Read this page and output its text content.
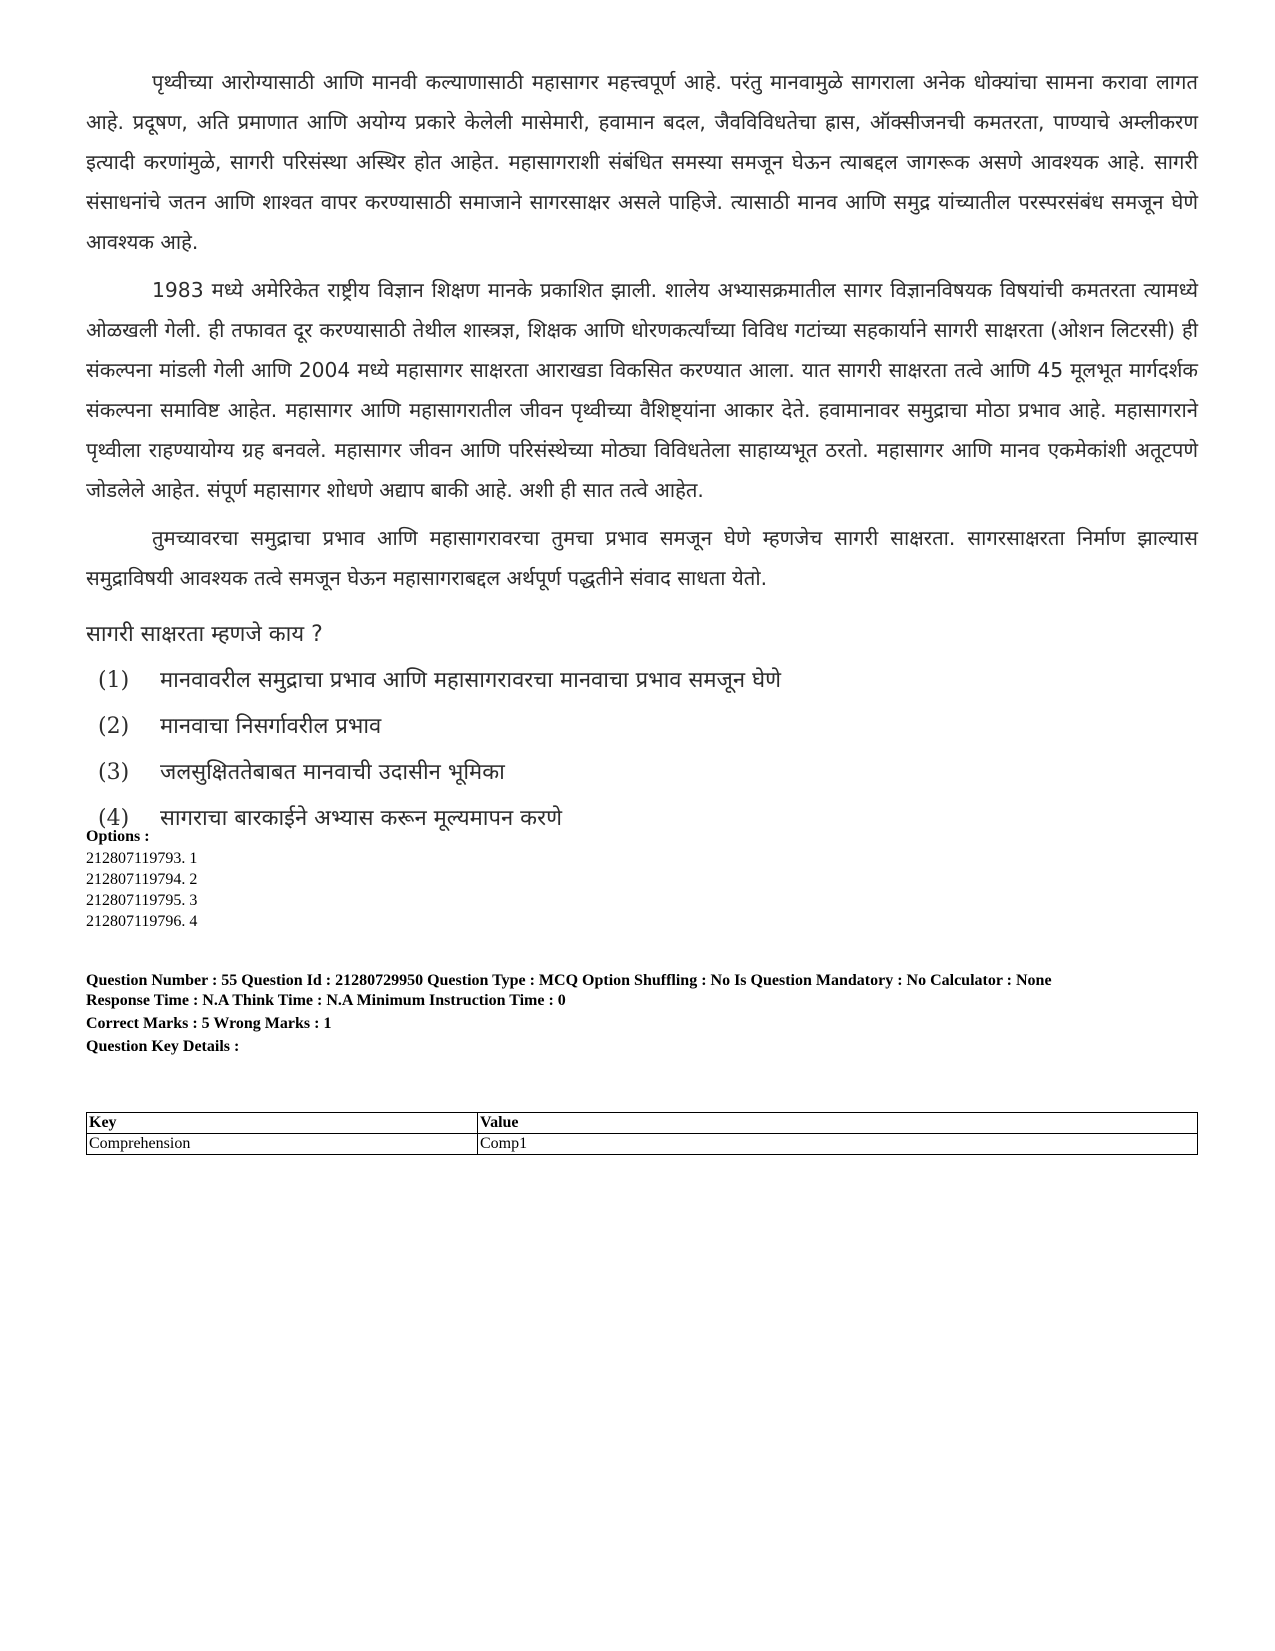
पृथ्वीच्या आरोग्यासाठी आणि मानवी कल्याणासाठी महासागर महत्त्वपूर्ण आहे. परंतु मानवामुळे सागराला अनेक धोक्यांचा सामना करावा लागत आहे. प्रदूषण, अति प्रमाणात आणि अयोग्य प्रकारे केलेली मासेमारी, हवामान बदल, जैवविविधतेचा ह्रास, ऑक्सीजनची कमतरता, पाण्याचे अम्लीकरण इत्यादी करणांमुळे, सागरी परिसंस्था अस्थिर होत आहेत. महासागराशी संबंधित समस्या समजून घेऊन त्याबद्दल जागरूक असणे आवश्यक आहे. सागरी संसाधनांचे जतन आणि शाश्वत वापर करण्यासाठी समाजाने सागरसाक्षर असले पाहिजे. त्यासाठी मानव आणि समुद्र यांच्यातील परस्परसंबंध समजून घेणे आवश्यक आहे.

1983 मध्ये अमेरिकेत राष्ट्रीय विज्ञान शिक्षण मानके प्रकाशित झाली. शालेय अभ्यासक्रमातील सागर विज्ञानविषयक विषयांची कमतरता त्यामध्ये ओळखली गेली. ही तफावत दूर करण्यासाठी तेथील शास्त्रज्ञ, शिक्षक आणि धोरणकर्त्यांच्या विविध गटांच्या सहकार्याने सागरी साक्षरता (ओशन लिटरसी) ही संकल्पना मांडली गेली आणि 2004 मध्ये महासागर साक्षरता आराखडा विकसित करण्यात आला. यात सागरी साक्षरता तत्वे आणि 45 मूलभूत मार्गदर्शक संकल्पना समाविष्ट आहेत. महासागर आणि महासागरातील जीवन पृथ्वीच्या वैशिष्ट्यांना आकार देते. हवामानावर समुद्राचा मोठा प्रभाव आहे. महासागराने पृथ्वीला राहण्यायोग्य ग्रह बनवले. महासागर जीवन आणि परिसंस्थेच्या मोठ्या विविधतेला साहाय्यभूत ठरतो. महासागर आणि मानव एकमेकांशी अतूटपणे जोडलेले आहेत. संपूर्ण महासागर शोधणे अद्याप बाकी आहे. अशी ही सात तत्वे आहेत.

तुमच्यावरचा समुद्राचा प्रभाव आणि महासागरावरचा तुमचा प्रभाव समजून घेणे म्हणजेच सागरी साक्षरता. सागरसाक्षरता निर्माण झाल्यास समुद्राविषयी आवश्यक तत्वे समजून घेऊन महासागराबद्दल अर्थपूर्ण पद्धतीने संवाद साधता येतो.

सागरी साक्षरता म्हणजे काय ?
(1)	मानवावरील समुद्राचा प्रभाव आणि महासागरावरचा मानवाचा प्रभाव समजून घेणे
(2)	मानवाचा निसर्गावरील प्रभाव
(3)	जलसुक्षिततेबाबत मानवाची उदासीन भूमिका
(4)	सागराचा बारकाईने अभ्यास करून मूल्यमापन करणे
Options :
212807119793. 1
212807119794. 2
212807119795. 3
212807119796. 4
Question Number : 55 Question Id : 21280729950 Question Type : MCQ Option Shuffling : No Is Question Mandatory : No Calculator : None
Response Time : N.A Think Time : N.A Minimum Instruction Time : 0
Correct Marks : 5 Wrong Marks : 1
Question Key Details :
Key	Value
Comprehension	Comp1
